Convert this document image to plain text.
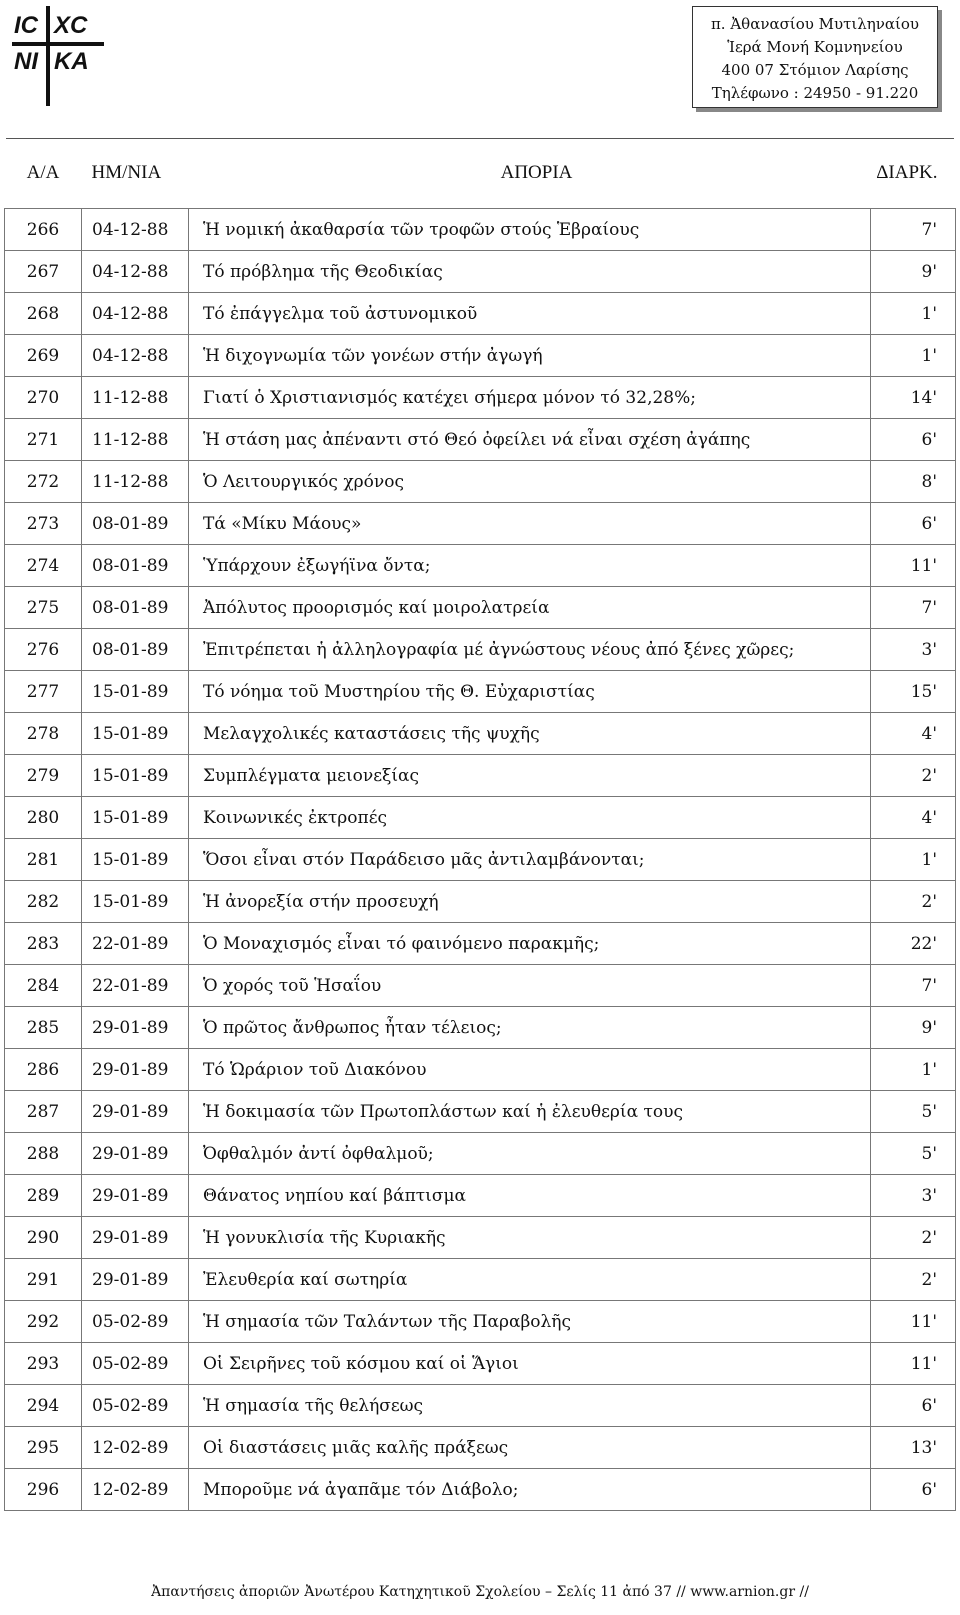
IC XC
NI KA
π. Ἀθανασίου Μυτιληναίου
Ἱερά Μονή Κομνηνείου
400 07 Στόμιον Λαρίσης
Τηλέφωνο : 24950 - 91.220
Α/Α	ΗΜ/ΝΙΑ	ΑΠΟΡΙΑ	ΔΙΑΡΚ.

266	04-12-88	Ἡ νομική ἀκαθαρσία τῶν τροφῶν στούς Ἑβραίους	7'
267	04-12-88	Τό πρόβλημα τῆς Θεοδικίας	9'
268	04-12-88	Τό ἐπάγγελμα τοῦ ἀστυνομικοῦ	1'
269	04-12-88	Ἡ διχογνωμία τῶν γονέων στήν ἀγωγή	1'
270	11-12-88	Γιατί ὁ Χριστιανισμός κατέχει σήμερα μόνον τό 32,28%;	14'
271	11-12-88	Ἡ στάση μας ἀπέναντι στό Θεό ὀφείλει νά εἶναι σχέση ἀγάπης	6'
272	11-12-88	Ὁ Λειτουργικός χρόνος	8'
273	08-01-89	Τά «Μίκυ Μάους»	6'
274	08-01-89	Ὑπάρχουν ἐξωγήϊνα ὄντα;	11'
275	08-01-89	Ἀπόλυτος προορισμός καί μοιρολατρεία	7'
276	08-01-89	Ἐπιτρέπεται ἡ ἀλληλογραφία μέ ἀγνώστους νέους ἀπό ξένες χῶρες;	3'
277	15-01-89	Τό νόημα τοῦ Μυστηρίου τῆς Θ. Εὐχαριστίας	15'
278	15-01-89	Μελαγχολικές καταστάσεις τῆς ψυχῆς	4'
279	15-01-89	Συμπλέγματα μειονεξίας	2'
280	15-01-89	Κοινωνικές ἐκτροπές	4'
281	15-01-89	Ὅσοι εἶναι στόν Παράδεισο μᾶς ἀντιλαμβάνονται;	1'
282	15-01-89	Ἡ ἀνορεξία στήν προσευχή	2'
283	22-01-89	Ὁ Μοναχισμός εἶναι τό φαινόμενο παρακμῆς;	22'
284	22-01-89	Ὁ χορός τοῦ Ἡσαΐου	7'
285	29-01-89	Ὁ πρῶτος ἄνθρωπος ἦταν τέλειος;	9'
286	29-01-89	Τό Ὡράριον τοῦ Διακόνου	1'
287	29-01-89	Ἡ δοκιμασία τῶν Πρωτοπλάστων καί ἡ ἐλευθερία τους	5'
288	29-01-89	Ὀφθαλμόν ἀντί ὀφθαλμοῦ;	5'
289	29-01-89	Θάνατος νηπίου καί βάπτισμα	3'
290	29-01-89	Ἡ γονυκλισία τῆς Κυριακῆς	2'
291	29-01-89	Ἐλευθερία καί σωτηρία	2'
292	05-02-89	Ἡ σημασία τῶν Ταλάντων τῆς Παραβολῆς	11'
293	05-02-89	Οἱ Σειρῆνες τοῦ κόσμου καί οἱ Ἅγιοι	11'
294	05-02-89	Ἡ σημασία τῆς θελήσεως	6'
295	12-02-89	Οἱ διαστάσεις μιᾶς καλῆς πράξεως	13'
296	12-02-89	Μποροῦμε νά ἀγαπᾶμε τόν Διάβολο;	6'
Ἀπαντήσεις ἀποριῶν Ἀνωτέρου Κατηχητικοῦ Σχολείου – Σελίς 11 ἀπό 37 // www.arnion.gr //
